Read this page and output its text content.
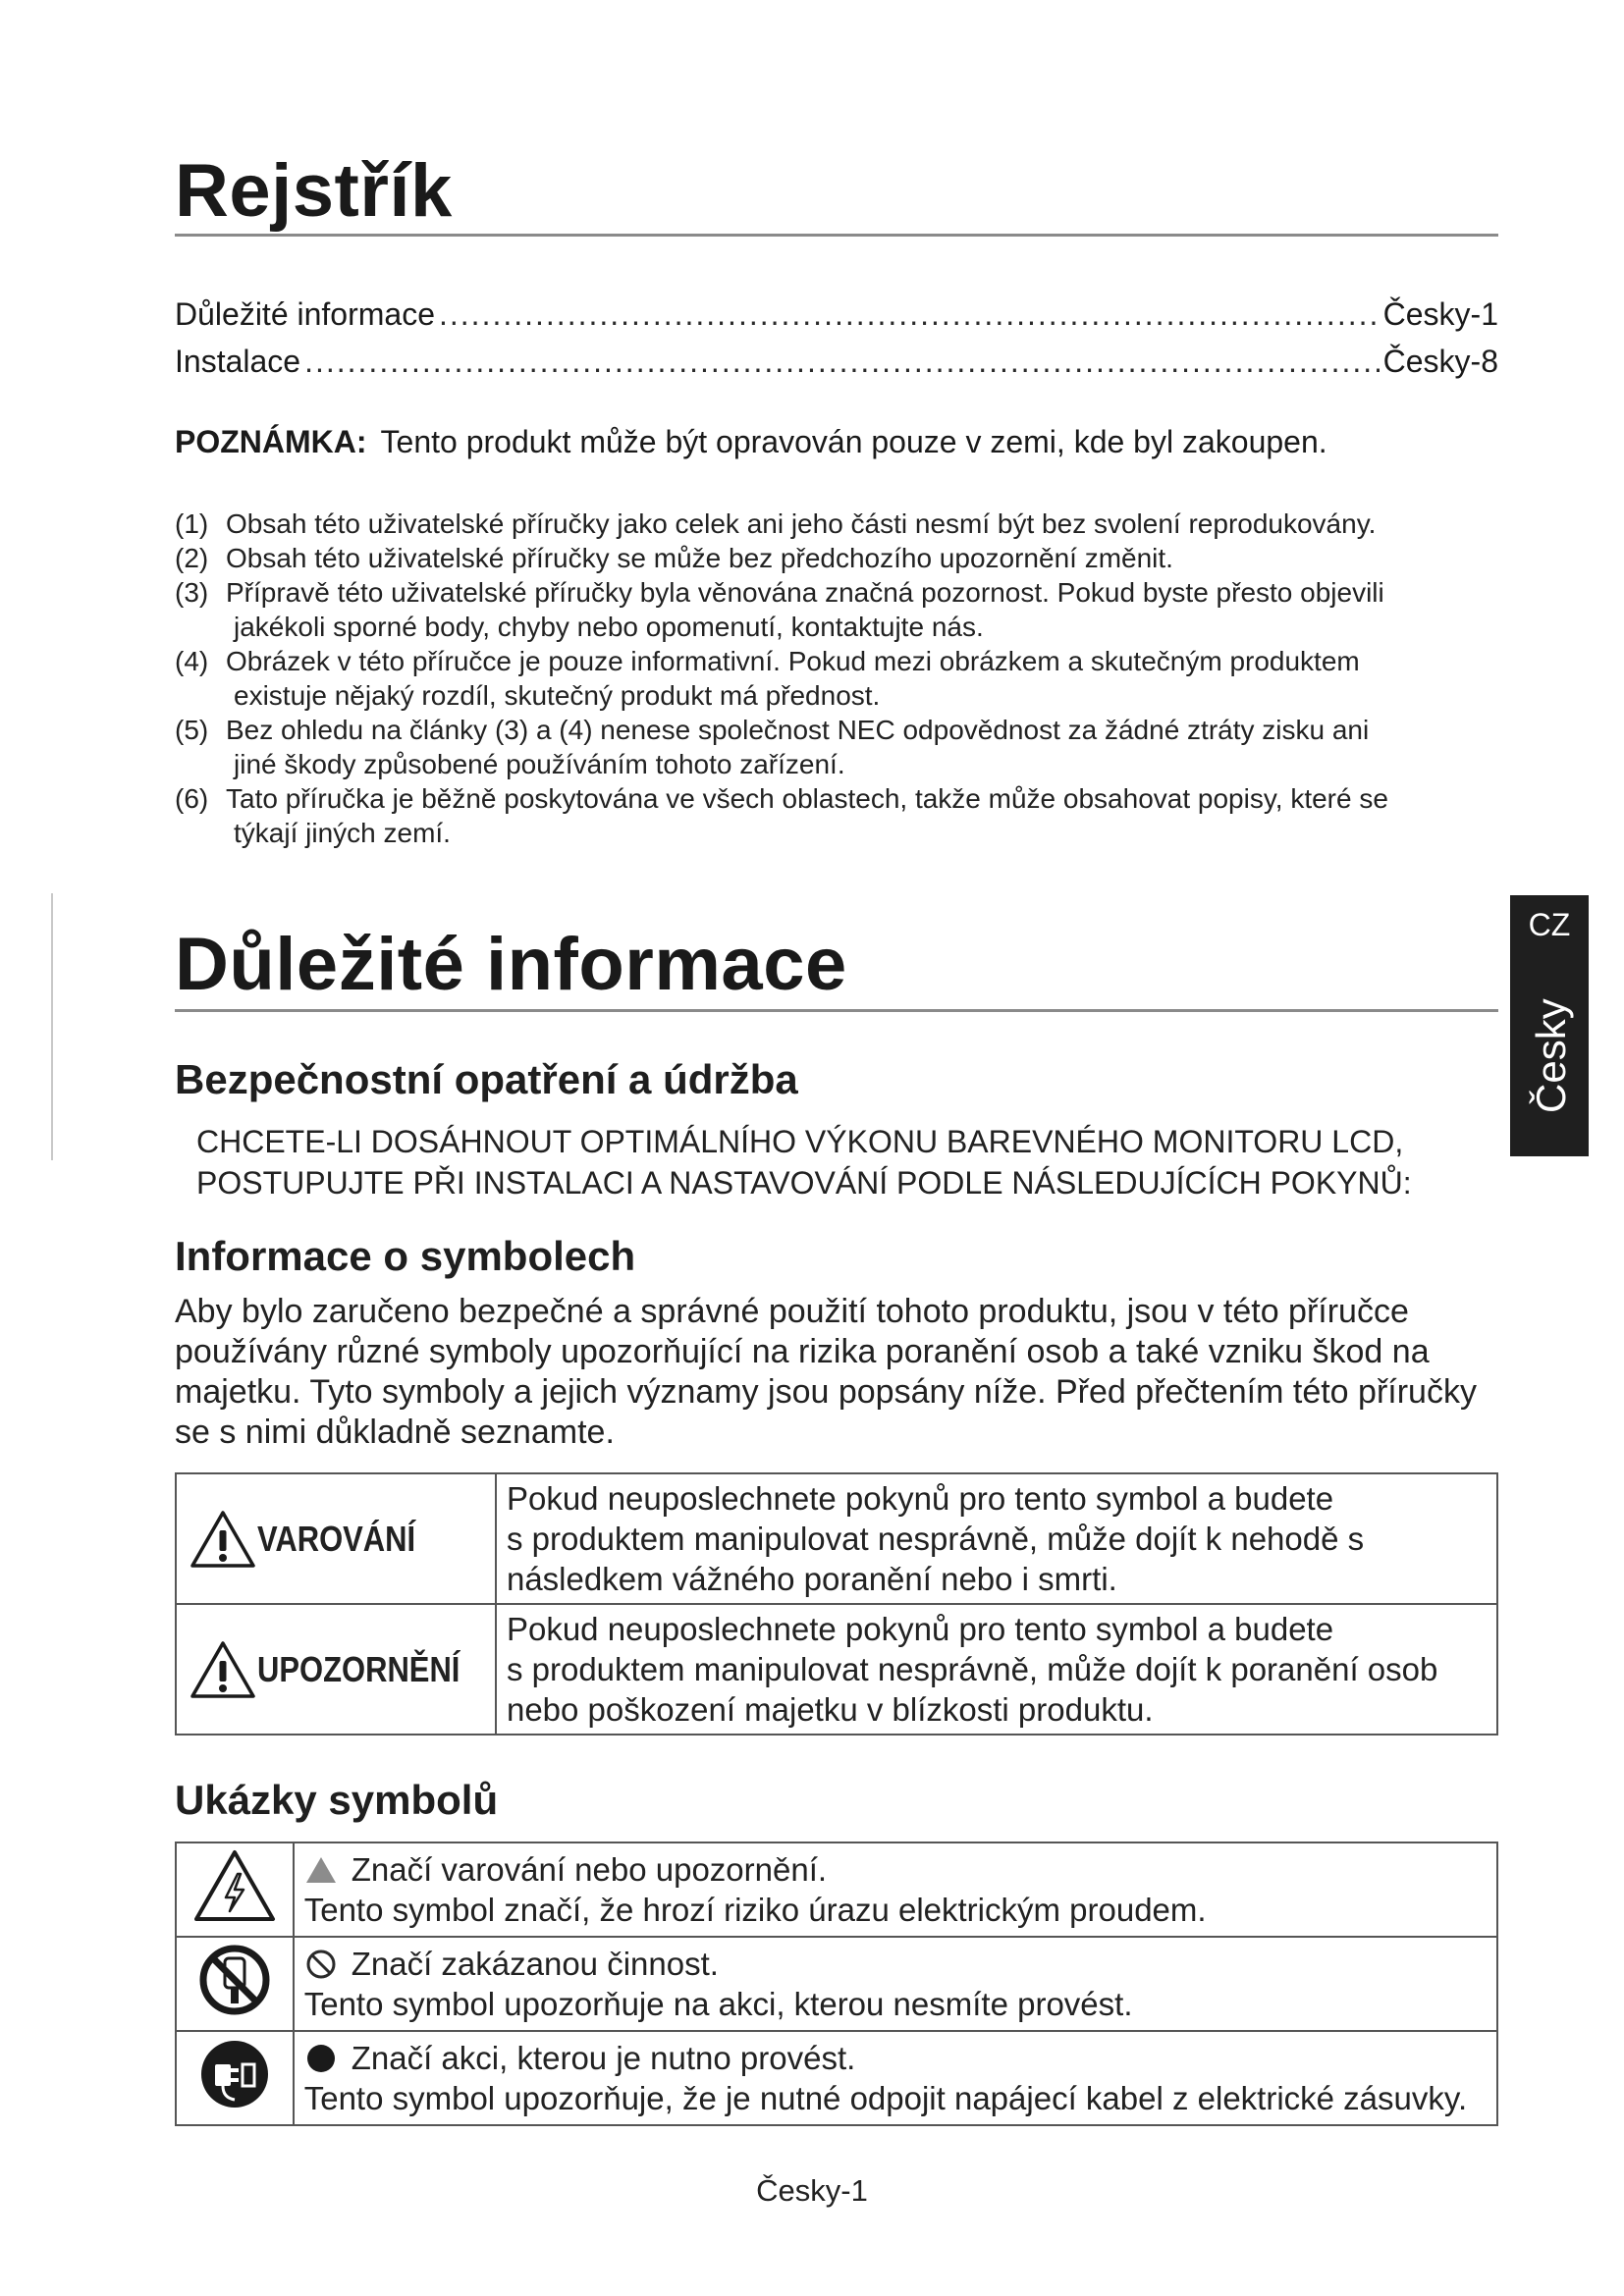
Rejstřík
Důležité informace .....	Česky-1
Instalace .....	Česky-8
POZNÁMKA: Tento produkt může být opravován pouze v zemi, kde byl zakoupen.
(1) Obsah této uživatelské příručky jako celek ani jeho části nesmí být bez svolení reprodukovány.
(2) Obsah této uživatelské příručky se může bez předchozího upozornění změnit.
(3) Přípravě této uživatelské příručky byla věnována značná pozornost. Pokud byste přesto objevili
jakékoli sporné body, chyby nebo opomenutí, kontaktujte nás.
(4) Obrázek v této příručce je pouze informativní. Pokud mezi obrázkem a skutečným produktem
existuje nějaký rozdíl, skutečný produkt má přednost.
(5) Bez ohledu na články (3) a (4) nenese společnost NEC odpovědnost za žádné ztráty zisku ani
jiné škody způsobené používáním tohoto zařízení.
(6) Tato příručka je běžně poskytována ve všech oblastech, takže může obsahovat popisy, které se
týkají jiných zemí.
Důležité informace
Bezpečnostní opatření a údržba
CHCETE-LI DOSÁHNOUT OPTIMÁLNÍHO VÝKONU BAREVNÉHO MONITORU LCD,
POSTUPUJTE PŘI INSTALACI A NASTAVOVÁNÍ PODLE NÁSLEDUJÍCÍCH POKYNŮ:
Informace o symbolech
Aby bylo zaručeno bezpečné a správné použití tohoto produktu, jsou v této příručce
používány různé symboly upozorňující na rizika poranění osob a také vzniku škod na
majetku. Tyto symboly a jejich významy jsou popsány níže. Před přečtením této příručky
se s nimi důkladně seznamte.
VAROVÁNÍ	Pokud neuposlechnete pokynů pro tento symbol a budete
s produktem manipulovat nesprávně, může dojít k nehodě s
následkem vážného poranění nebo i smrti.

UPOZORNĚNÍ	Pokud neuposlechnete pokynů pro tento symbol a budete
s produktem manipulovat nesprávně, může dojít k poranění osob
nebo poškození majetku v blízkosti produktu.
Ukázky symbolů

Značí varování nebo upozornění.
Tento symbol značí, že hrozí riziko úrazu elektrickým proudem.

Značí zakázanou činnost.
Tento symbol upozorňuje na akci, kterou nesmíte provést.

Značí akci, kterou je nutno provést.
Tento symbol upozorňuje, že je nutné odpojit napájecí kabel z elektrické zásuvky.
CZ
Česky
Česky-1
